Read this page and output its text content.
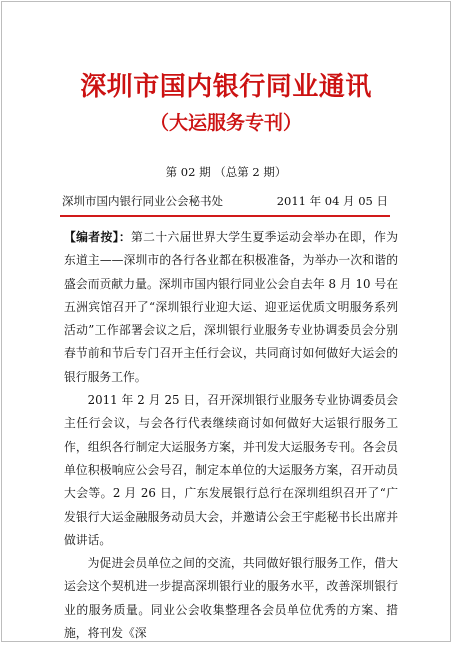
深圳市国内银行同业通讯
（大运服务专刊）
第 02 期 （总第 2 期）
深圳市国内银行同业公会秘书处	2011 年 04 月 05 日

【编者按】：第二十六届世界大学生夏季运动会举办在即，作为东道主——深圳市的各行各业都在积极准备，为举办一次和谐的盛会而贡献力量。深圳市国内银行同业公会自去年 8 月 10 号在五洲宾馆召开了“深圳银行业迎大运、迎亚运优质文明服务系列活动”工作部署会议之后，深圳银行业服务专业协调委员会分别春节前和节后专门召开主任行会议，共同商讨如何做好大运会的银行服务工作。

2011 年 2 月 25 日，召开深圳银行业服务专业协调委员会主任行会议，与会各行代表继续商讨如何做好大运银行服务工作，组织各行制定大运服务方案，并刊发大运服务专刊。各会员单位积极响应公会号召，制定本单位的大运服务方案，召开动员大会等。2 月 26 日，广东发展银行总行在深圳组织召开了“广发银行大运金融服务动员大会，并邀请公会王宇彪秘书长出席并做讲话。

为促进会员单位之间的交流，共同做好银行服务工作，借大运会这个契机进一步提高深圳银行业的服务水平，改善深圳银行业的服务质量。同业公会收集整理各会员单位优秀的方案、措施，将刊发《深
